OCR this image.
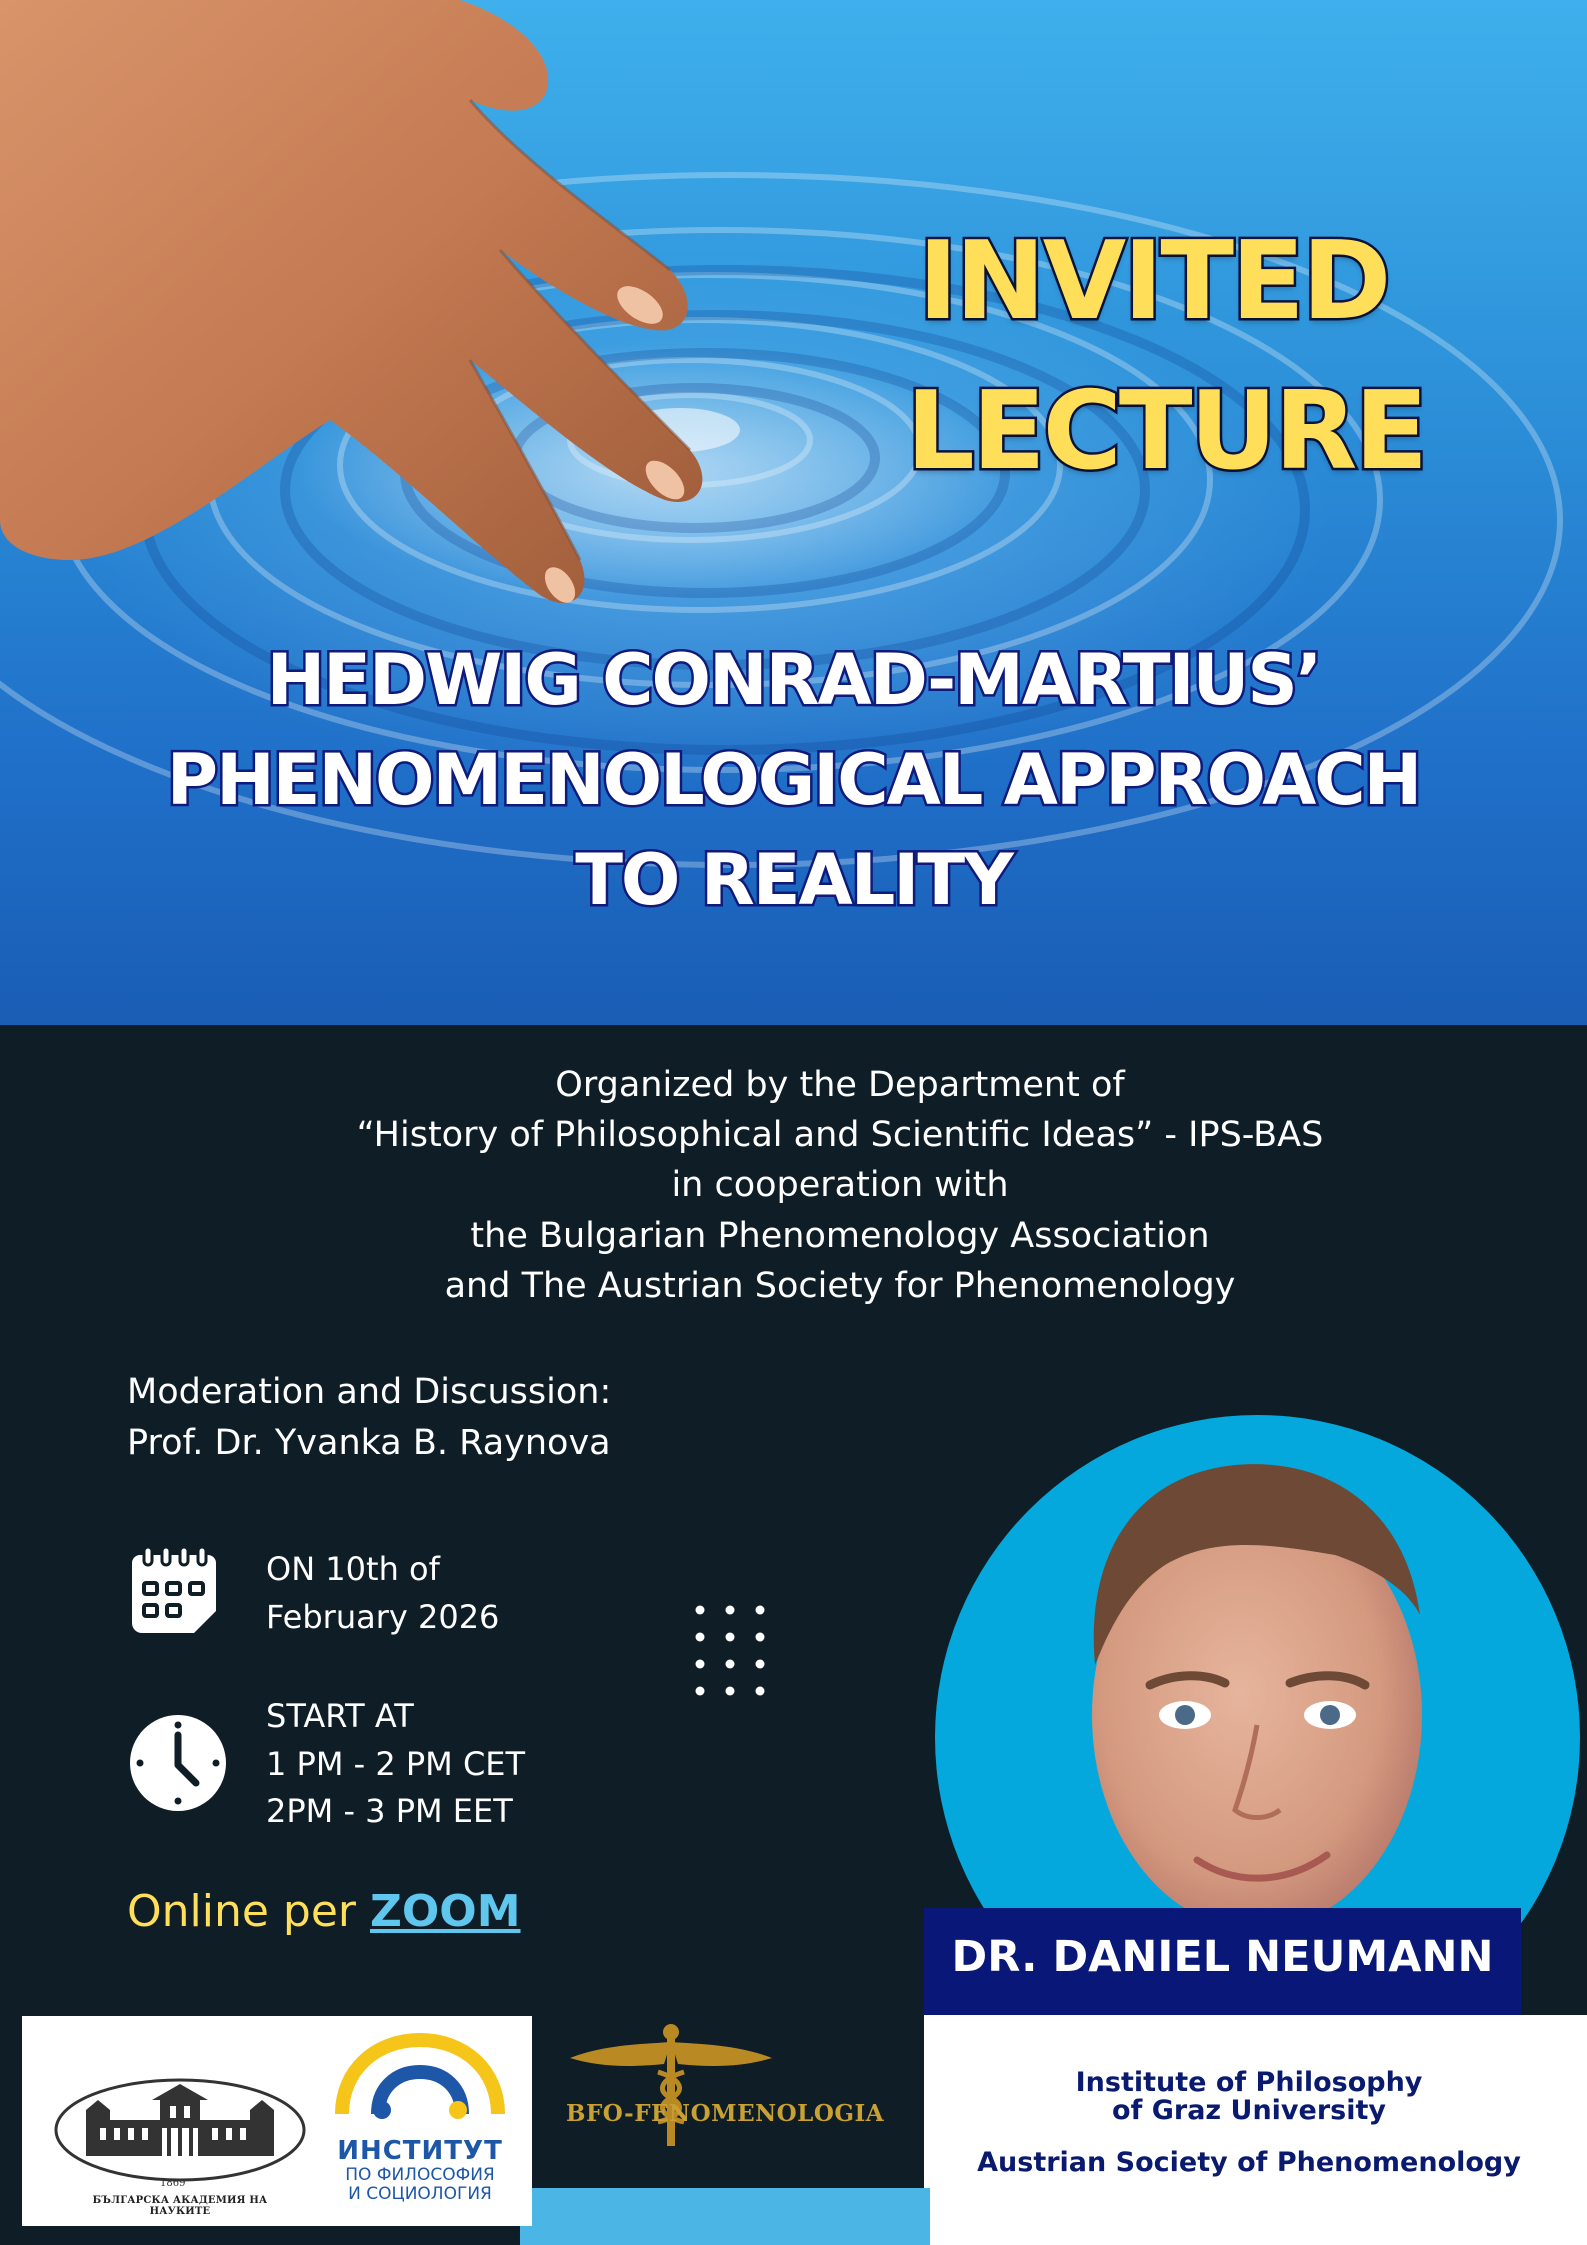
INVITED
LECTURE
HEDWIG CONRAD-MARTIUS’
PHENOMENOLOGICAL APPROACH
TO REALITY
Organized by the Department of
“History of Philosophical and Scientific Ideas” - IPS-BAS
in cooperation with
the Bulgarian Phenomenology Association
and The Austrian Society for Phenomenology
Moderation and Discussion:
Prof. Dr. Yvanka B. Raynova
ON 10th of
February 2026
START AT
1 PM - 2 PM CET
2PM - 3 PM EET
Online per ZOOM
DR. DANIEL NEUMANN
Institute of Philosophy
of Graz University
Austrian Society of Phenomenology
1869
БЪЛГАРСКА АКАДЕМИЯ НА НАУКИТЕ
ИНСТИТУТ
ПО ФИЛОСОФИЯ
И СОЦИОЛОГИЯ
BFO-FENOMENOLOGIA
